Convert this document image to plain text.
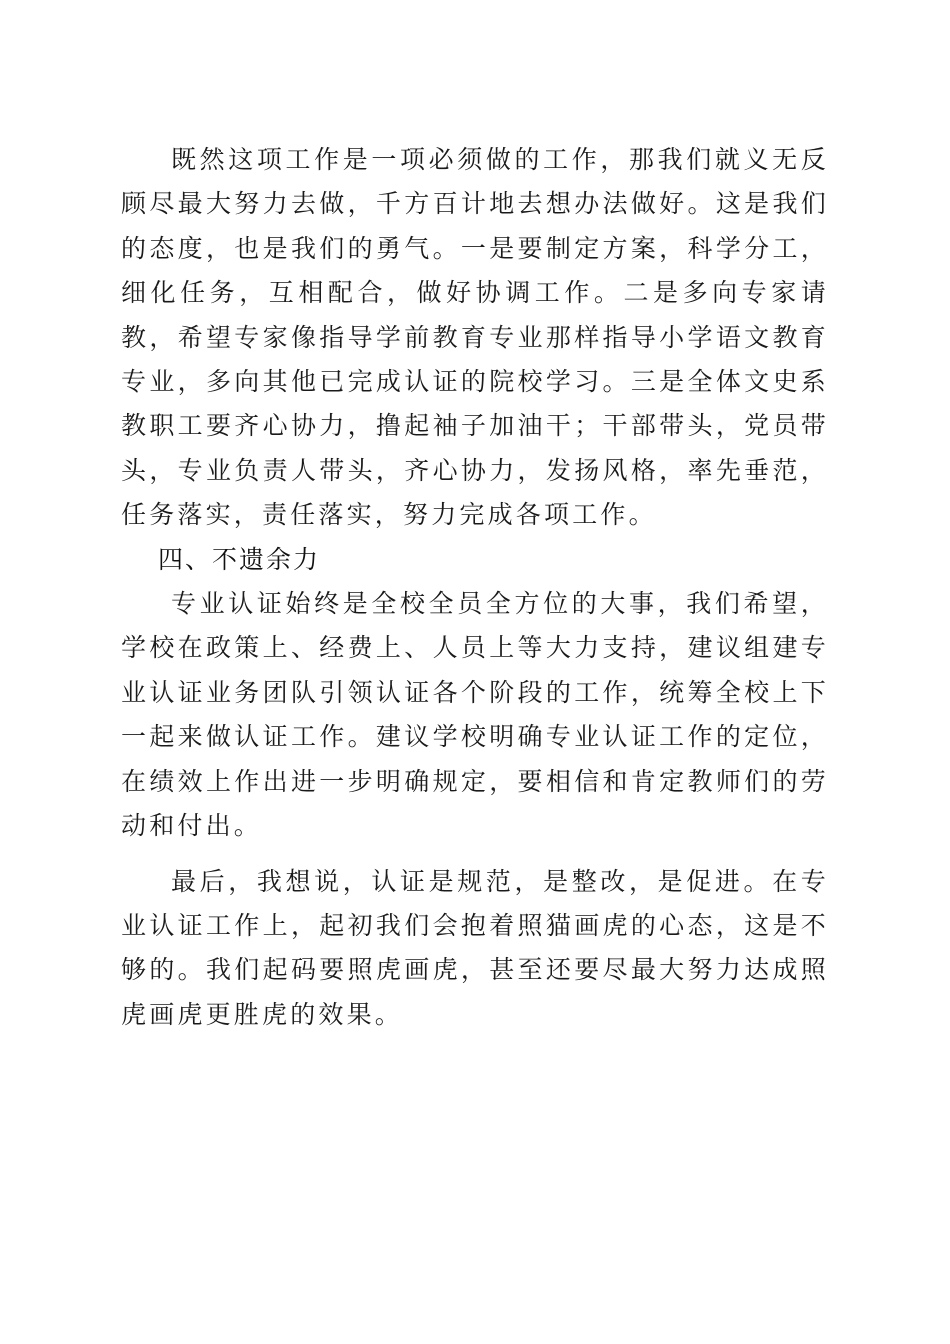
既然这项工作是一项必须做的工作，那我们就义无反顾尽最大努力去做，千方百计地去想办法做好。这是我们的态度，也是我们的勇气。一是要制定方案，科学分工，细化任务，互相配合，做好协调工作。二是多向专家请教，希望专家像指导学前教育专业那样指导小学语文教育专业，多向其他已完成认证的院校学习。三是全体文史系教职工要齐心协力，撸起袖子加油干；干部带头，党员带头，专业负责人带头，齐心协力，发扬风格，率先垂范，任务落实，责任落实，努力完成各项工作。

四、不遗余力

专业认证始终是全校全员全方位的大事，我们希望，学校在政策上、经费上、人员上等大力支持，建议组建专业认证业务团队引领认证各个阶段的工作，统筹全校上下一起来做认证工作。建议学校明确专业认证工作的定位，在绩效上作出进一步明确规定，要相信和肯定教师们的劳动和付出。

最后，我想说，认证是规范，是整改，是促进。在专业认证工作上，起初我们会抱着照猫画虎的心态，这是不够的。我们起码要照虎画虎，甚至还要尽最大努力达成照虎画虎更胜虎的效果。
